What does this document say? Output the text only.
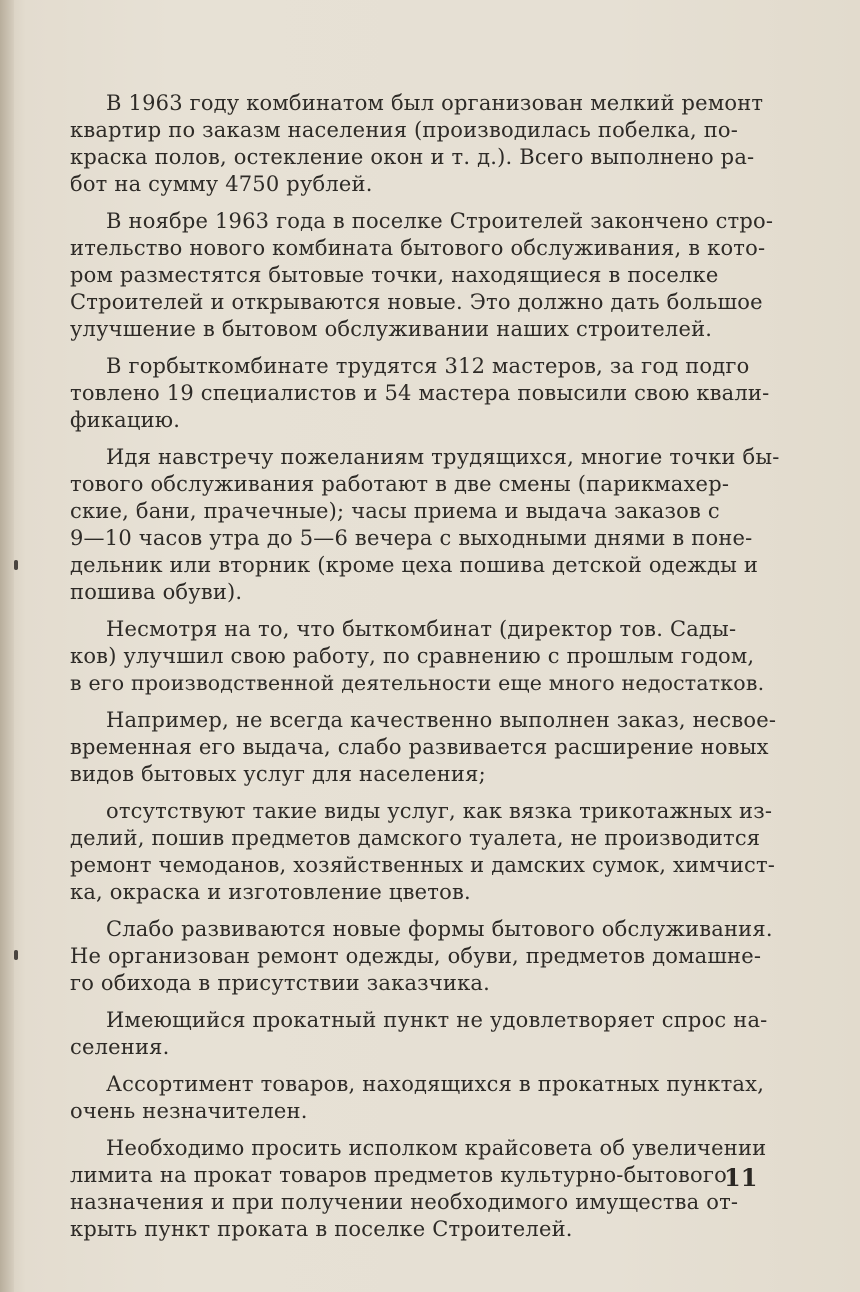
В 1963 году комбинатом был организован мелкий ремонт
квартир по заказм населения (производилась побелка, по-
краска полов, остекление окон и т. д.). Всего выполнено ра-
бот на сумму 4750 рублей.

В ноябре 1963 года в поселке Строителей закончено стро-
ительство нового комбината бытового обслуживания, в кото-
ром разместятся бытовые точки, находящиеся в поселке
Строителей и открываются новые. Это должно дать большое
улучшение в бытовом обслуживании наших строителей.

В горбыткомбинате трудятся 312 мастеров, за год подго
товлено 19 специалистов и 54 мастера повысили свою квали-
фикацию.

Идя навстречу пожеланиям трудящихся, многие точки бы-
тового обслуживания работают в две смены (парикмахер-
ские, бани, прачечные); часы приема и выдача заказов с
9—10 часов утра до 5—6 вечера с выходными днями в поне-
дельник или вторник (кроме цеха пошива детской одежды и
пошива обуви).

Несмотря на то, что быткомбинат (директор тов. Сады-
ков) улучшил свою работу, по сравнению с прошлым годом,
в его производственной деятельности еще много недостатков.

Например, не всегда качественно выполнен заказ, несвое-
временная его выдача, слабо развивается расширение новых
видов бытовых услуг для населения;

отсутствуют такие виды услуг, как вязка трикотажных из-
делий, пошив предметов дамского туалета, не производится
ремонт чемоданов, хозяйственных и дамских сумок, химчист-
ка, окраска и изготовление цветов.

Слабо развиваются новые формы бытового обслуживания.
Не организован ремонт одежды, обуви, предметов домашне-
го обихода в присутствии заказчика.

Имеющийся прокатный пункт не удовлетворяет спрос на-
селения.

Ассортимент товаров, находящихся в прокатных пунктах,
очень незначителен.

Необходимо просить исполком крайсовета об увеличении
лимита на прокат товаров предметов культурно-бытового
назначения и при получении необходимого имущества от-
крыть пункт проката в поселке Строителей.

11
